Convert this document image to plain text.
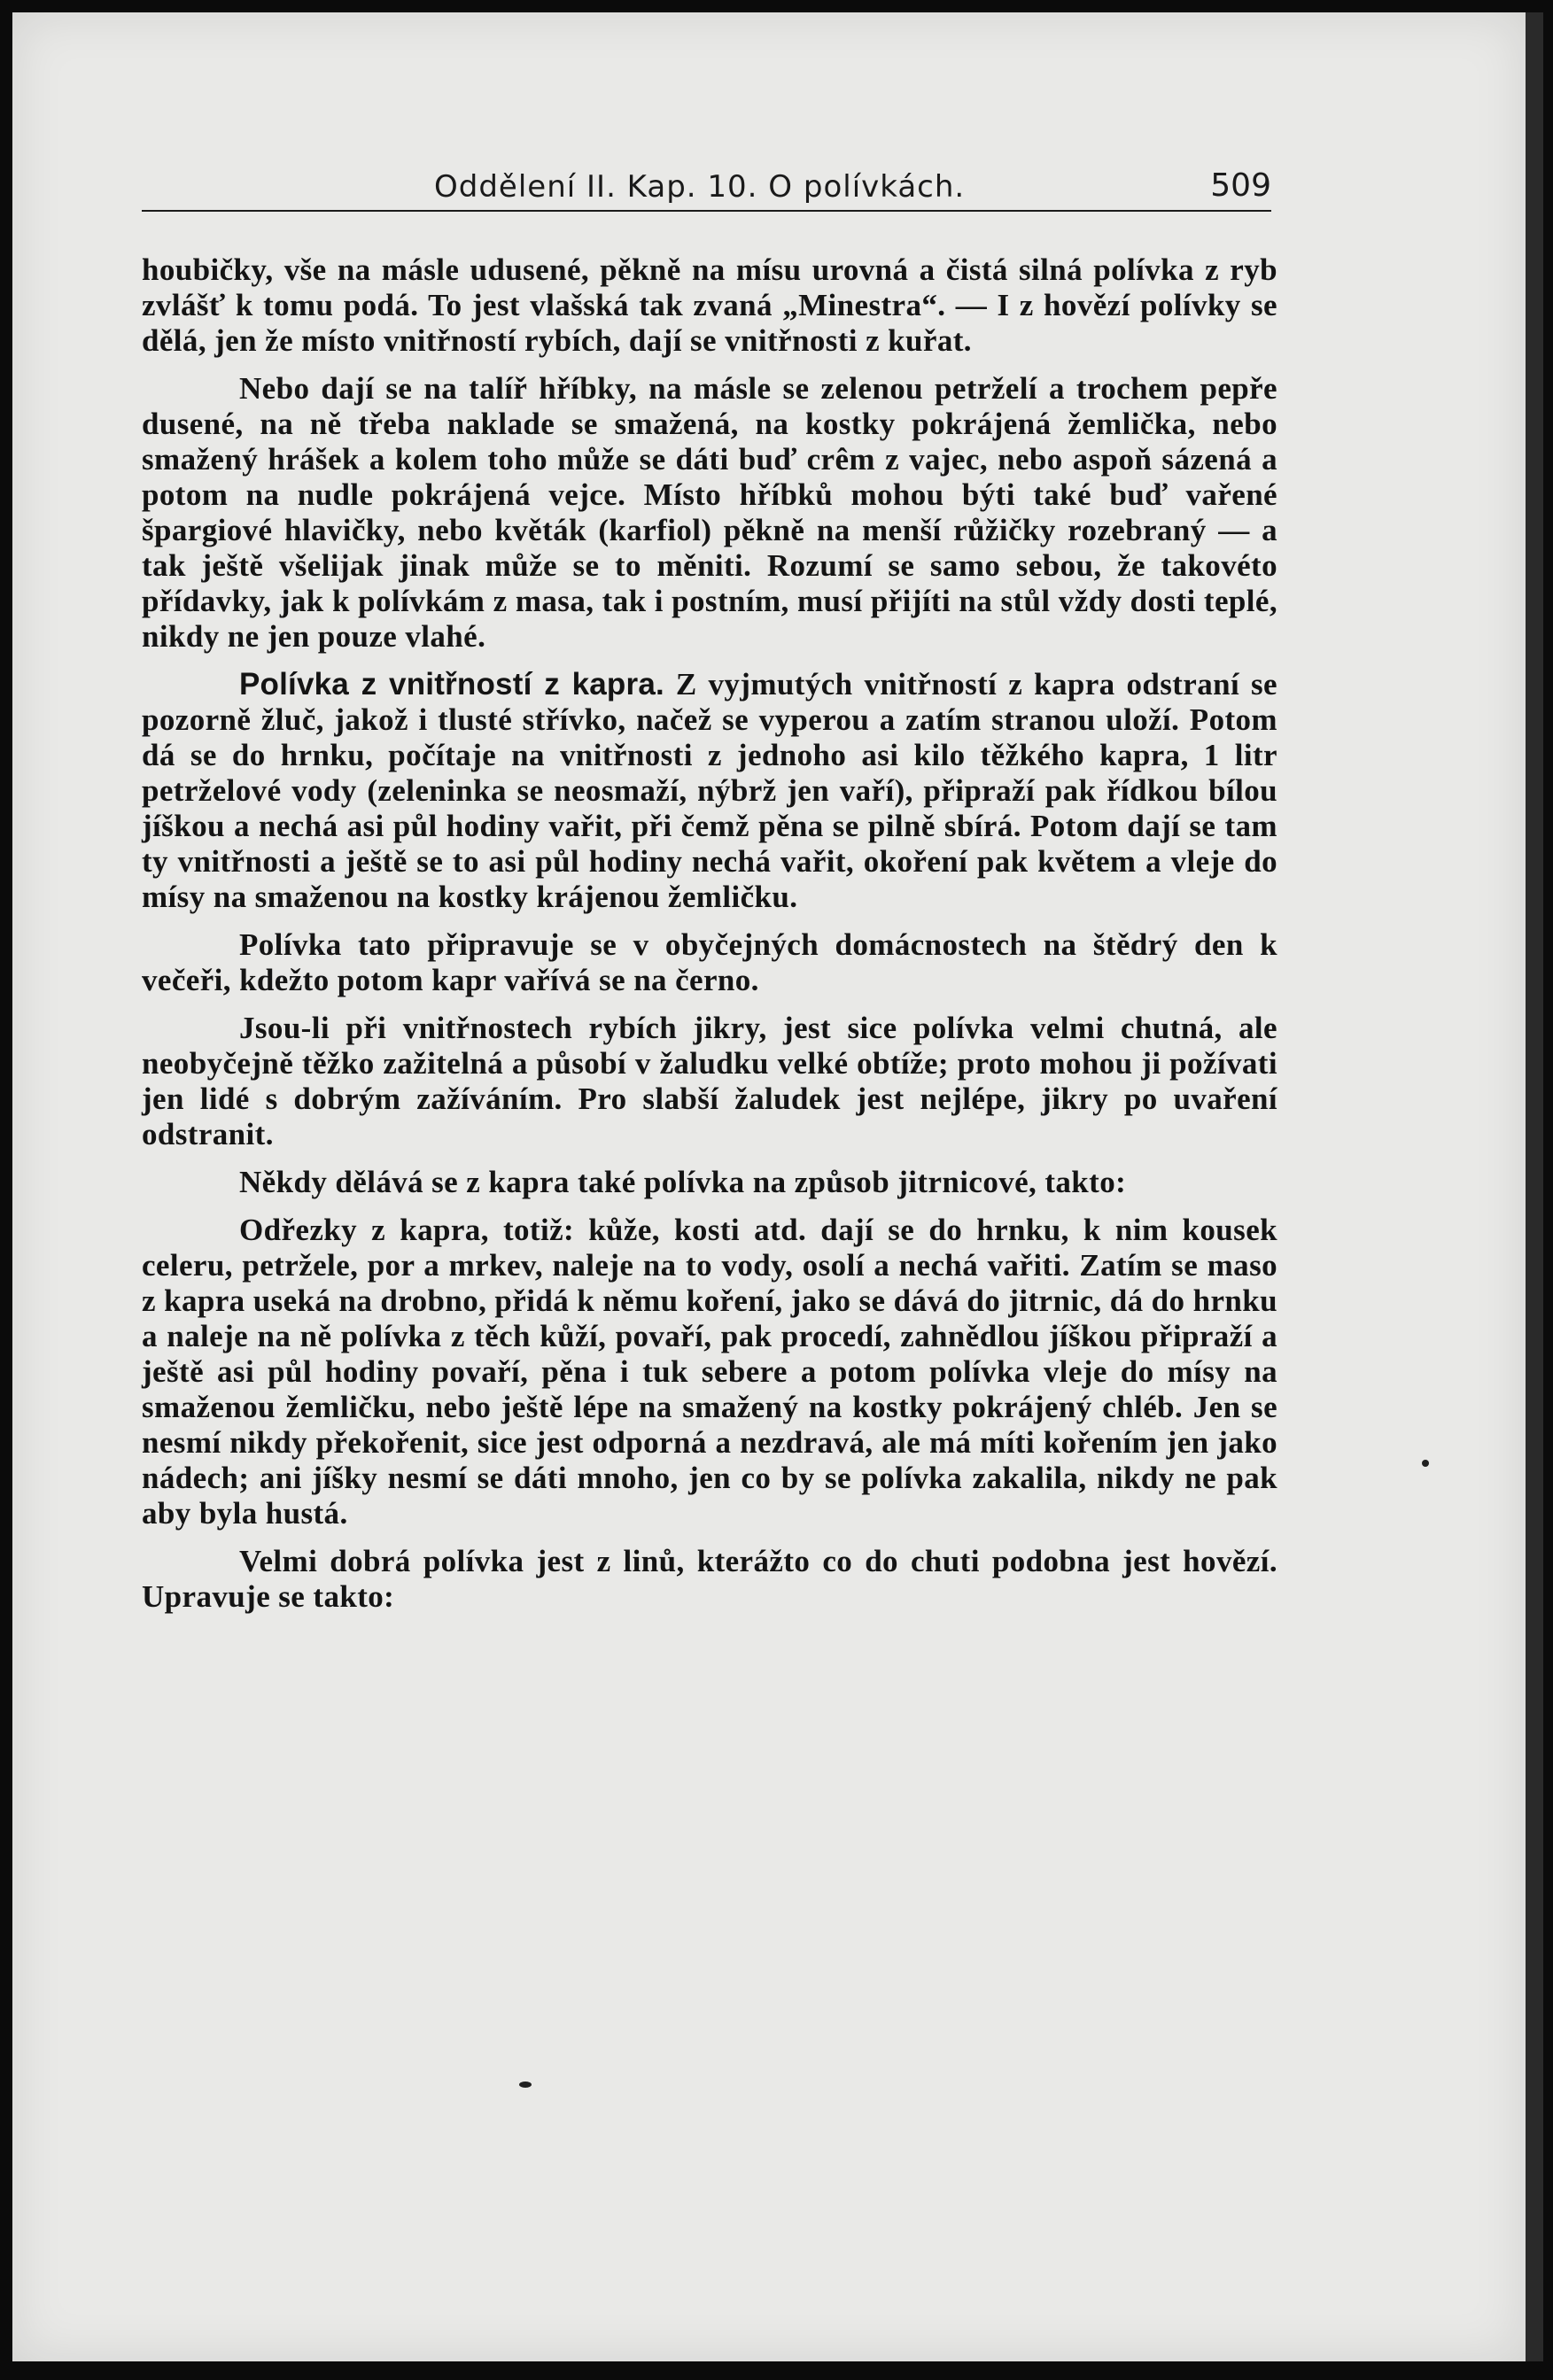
Oddělení II. Kap. 10. O polívkách.	509

houbičky, vše na másle udusené, pěkně na mísu urovná a čistá silná polívka z ryb zvlášť k tomu podá. To jest vlašská tak zvaná „Minestra“. — I z hovězí polívky se dělá, jen že místo vnitřností rybích, dají se vnitřnosti z kuřat.

Nebo dají se na talíř hříbky, na másle se zelenou petrželí a trochem pepře dusené, na ně třeba naklade se smažená, na kostky pokrájená žemlička, nebo smažený hrášek a kolem toho může se dáti buď crêm z vajec, nebo aspoň sázená a potom na nudle pokrájená vejce. Místo hříbků mohou býti také buď vařené špargiové hlavičky, nebo květák (karfiol) pěkně na menší růžičky rozebraný — a tak ještě všelijak jinak může se to měniti. Rozumí se samo sebou, že takovéto přídavky, jak k polívkám z masa, tak i postním, musí přijíti na stůl vždy dosti teplé, nikdy ne jen pouze vlahé.

Polívka z vnitřností z kapra. Z vyjmutých vnitřností z kapra odstraní se pozorně žluč, jakož i tlusté střívko, načež se vyperou a zatím stranou uloží. Potom dá se do hrnku, počítaje na vnitřnosti z jednoho asi kilo těžkého kapra, 1 litr petrželové vody (zeleninka se neosmaží, nýbrž jen vaří), připraží pak řídkou bílou jíškou a nechá asi půl hodiny vařit, při čemž pěna se pilně sbírá. Potom dají se tam ty vnitřnosti a ještě se to asi půl hodiny nechá vařit, okoření pak květem a vleje do mísy na smaženou na kostky krájenou žemličku.

Polívka tato připravuje se v obyčejných domácnostech na štědrý den k večeři, kdežto potom kapr vařívá se na černo.

Jsou-li při vnitřnostech rybích jikry, jest sice polívka velmi chutná, ale neobyčejně těžko zažitelná a působí v žaludku velké obtíže; proto mohou ji požívati jen lidé s dobrým zažíváním. Pro slabší žaludek jest nejlépe, jikry po uvaření odstranit.

Někdy dělává se z kapra také polívka na způsob jitrnicové, takto:

Odřezky z kapra, totiž: kůže, kosti atd. dají se do hrnku, k nim kousek celeru, petržele, por a mrkev, naleje na to vody, osolí a nechá vařiti. Zatím se maso z kapra useká na drobno, přidá k němu koření, jako se dává do jitrnic, dá do hrnku a naleje na ně polívka z těch kůží, povaří, pak procedí, zahnědlou jíškou připraží a ještě asi půl hodiny povaří, pěna i tuk sebere a potom polívka vleje do mísy na smaženou žemličku, nebo ještě lépe na smažený na kostky pokrájený chléb. Jen se nesmí nikdy překořenit, sice jest odporná a nezdravá, ale má míti kořením jen jako nádech; ani jíšky nesmí se dáti mnoho, jen co by se polívka zakalila, nikdy ne pak aby byla hustá.

Velmi dobrá polívka jest z linů, kterážto co do chuti podobna jest hovězí. Upravuje se takto:
